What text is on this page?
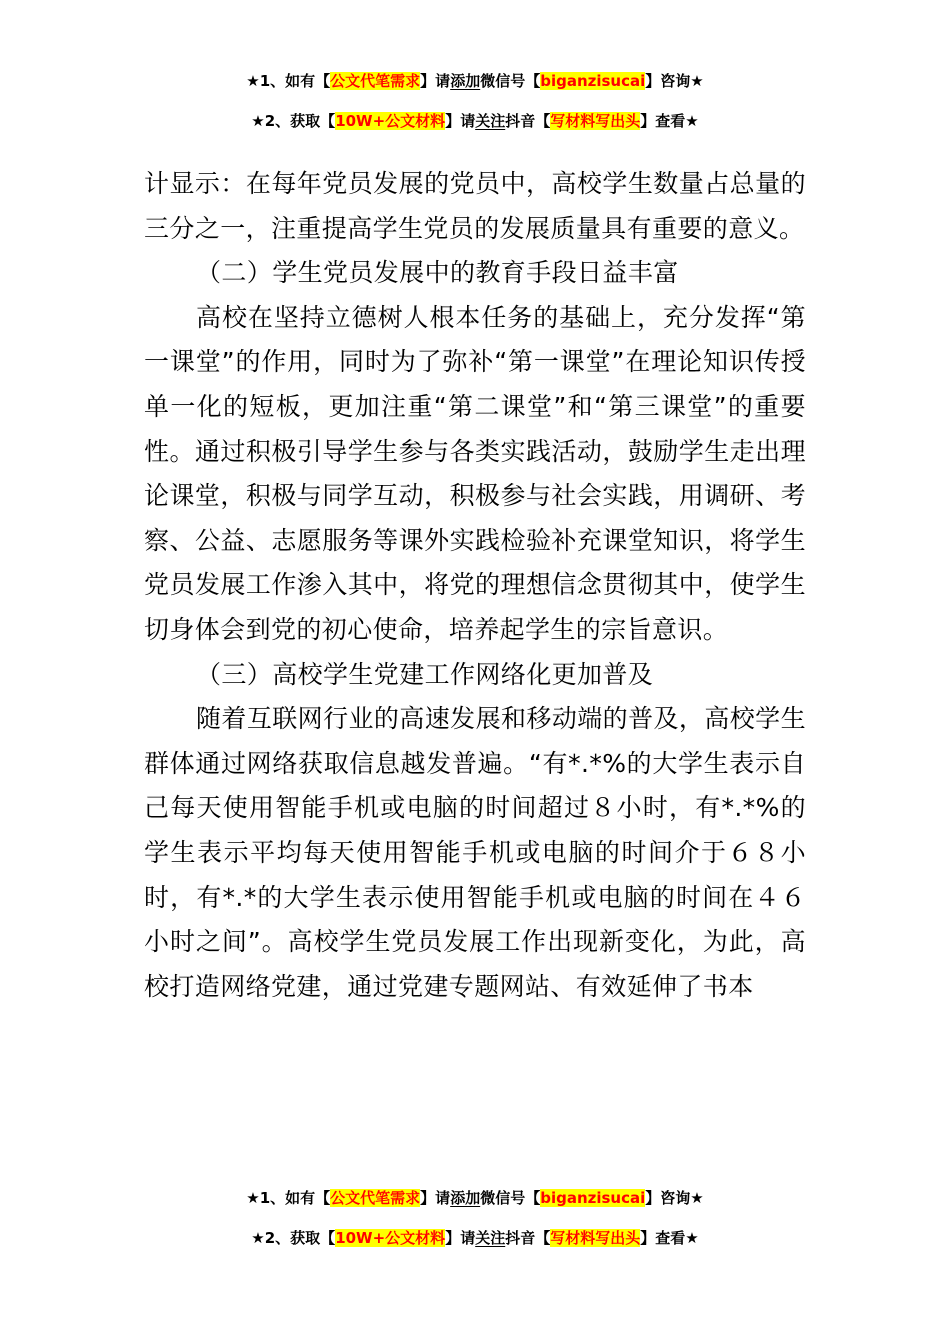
★1、如有【公文代笔需求】请添加微信号【biganzisucai】咨询★
★2、获取【10W+公文材料】请关注抖音【写材料写出头】查看★

计显示：在每年党员发展的党员中，高校学生数量占总量的三分之一，注重提高学生党员的发展质量具有重要的意义。

（二）学生党员发展中的教育手段日益丰富

高校在坚持立德树人根本任务的基础上，充分发挥“第一课堂”的作用，同时为了弥补“第一课堂”在理论知识传授单一化的短板，更加注重“第二课堂”和“第三课堂”的重要性。通过积极引导学生参与各类实践活动，鼓励学生走出理论课堂，积极与同学互动，积极参与社会实践，用调研、考察、公益、志愿服务等课外实践检验补充课堂知识，将学生党员发展工作渗入其中，将党的理想信念贯彻其中，使学生切身体会到党的初心使命，培养起学生的宗旨意识。

（三）高校学生党建工作网络化更加普及

随着互联网行业的高速发展和移动端的普及，高校学生群体通过网络获取信息越发普遍。“有*.*%的大学生表示自己每天使用智能手机或电脑的时间超过８小时，有*.*%的学生表示平均每天使用智能手机或电脑的时间介于６８小时，有*.*的大学生表示使用智能手机或电脑的时间在４６小时之间”。高校学生党员发展工作出现新变化，为此，高校打造网络党建，通过党建专题网站、有效延伸了书本

★1、如有【公文代笔需求】请添加微信号【biganzisucai】咨询★
★2、获取【10W+公文材料】请关注抖音【写材料写出头】查看★
